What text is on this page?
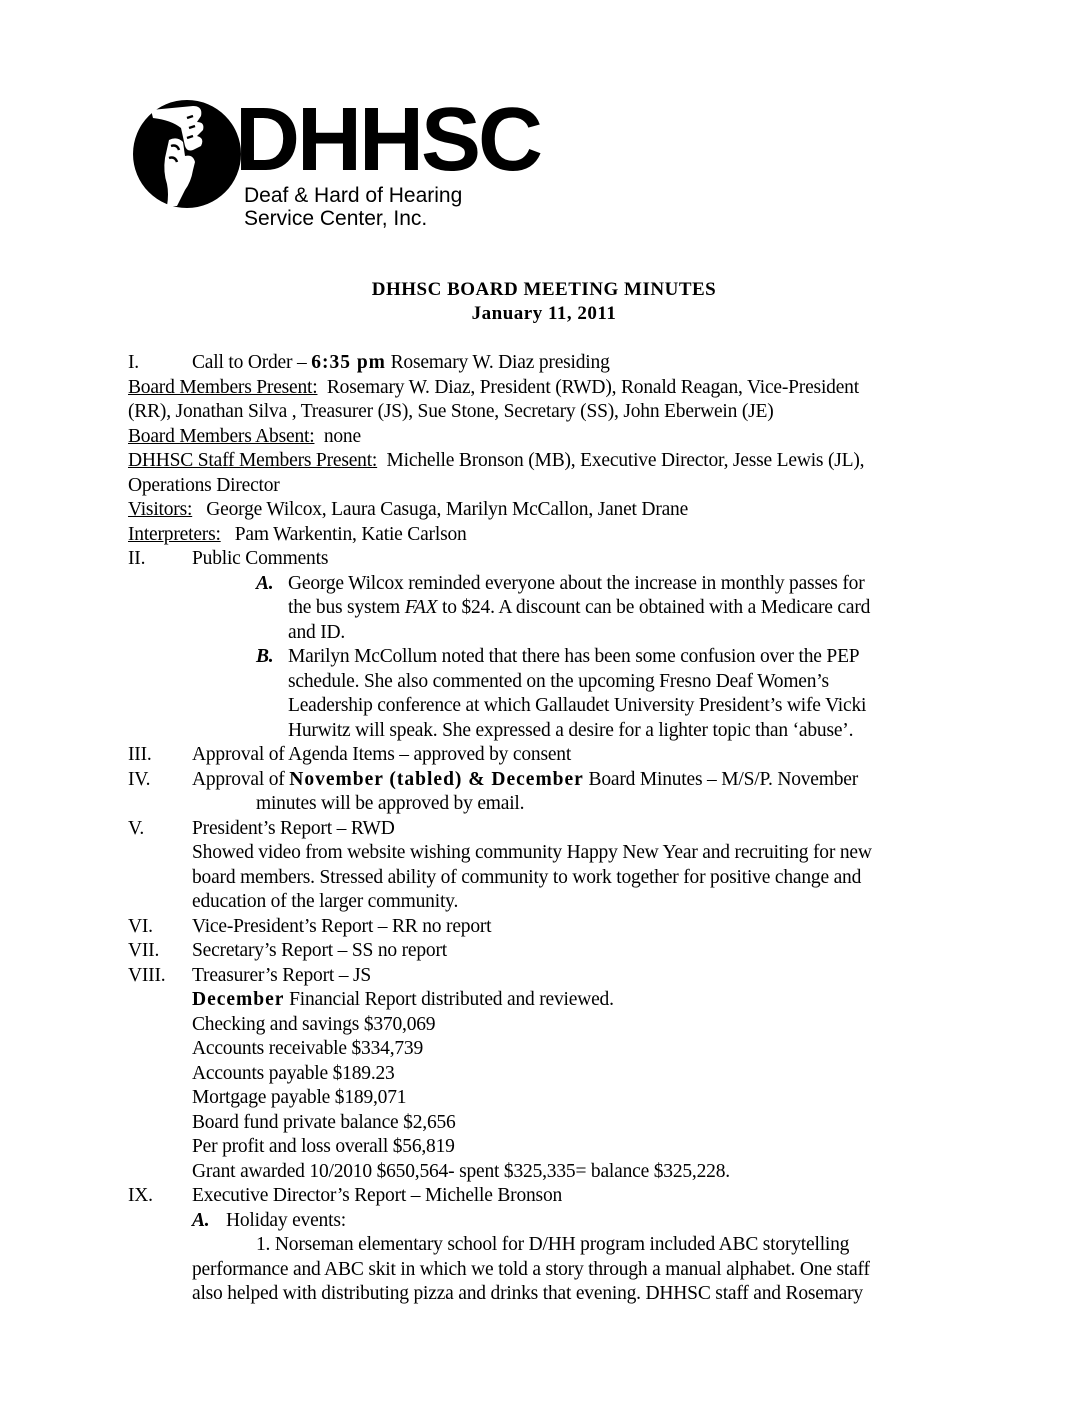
DHHSC
Deaf & Hard of Hearing
Service Center, Inc.
DHHSC BOARD MEETING MINUTES
January 11, 2011
I.	Call to Order – 6:35 pm Rosemary W. Diaz presiding
Board Members Present: Rosemary W. Diaz, President (RWD), Ronald Reagan, Vice-President
(RR), Jonathan Silva , Treasurer (JS), Sue Stone, Secretary (SS), John Eberwein (JE)
Board Members Absent: none
DHHSC Staff Members Present: Michelle Bronson (MB), Executive Director, Jesse Lewis (JL),
Operations Director
Visitors: George Wilcox, Laura Casuga, Marilyn McCallon, Janet Drane
Interpreters: Pam Warkentin, Katie Carlson
II. Public Comments
A. George Wilcox reminded everyone about the increase in monthly passes for
the bus system FAX to $24. A discount can be obtained with a Medicare card
and ID.
B. Marilyn McCollum noted that there has been some confusion over the PEP
schedule. She also commented on the upcoming Fresno Deaf Women’s
Leadership conference at which Gallaudet University President’s wife Vicki
Hurwitz will speak. She expressed a desire for a lighter topic than ‘abuse’.
III. Approval of Agenda Items – approved by consent
IV. Approval of November (tabled) & December Board Minutes – M/S/P. November
minutes will be approved by email.
V. President’s Report – RWD
Showed video from website wishing community Happy New Year and recruiting for new
board members. Stressed ability of community to work together for positive change and
education of the larger community.
VI. Vice-President’s Report – RR no report
VII. Secretary’s Report – SS no report
VIII. Treasurer’s Report – JS
December Financial Report distributed and reviewed.
Checking and savings $370,069
Accounts receivable $334,739
Accounts payable $189.23
Mortgage payable $189,071
Board fund private balance $2,656
Per profit and loss overall $56,819
Grant awarded 10/2010 $650,564- spent $325,335= balance $325,228.
IX. Executive Director’s Report – Michelle Bronson
A. Holiday events:
1. Norseman elementary school for D/HH program included ABC storytelling
performance and ABC skit in which we told a story through a manual alphabet. One staff
also helped with distributing pizza and drinks that evening. DHHSC staff and Rosemary
